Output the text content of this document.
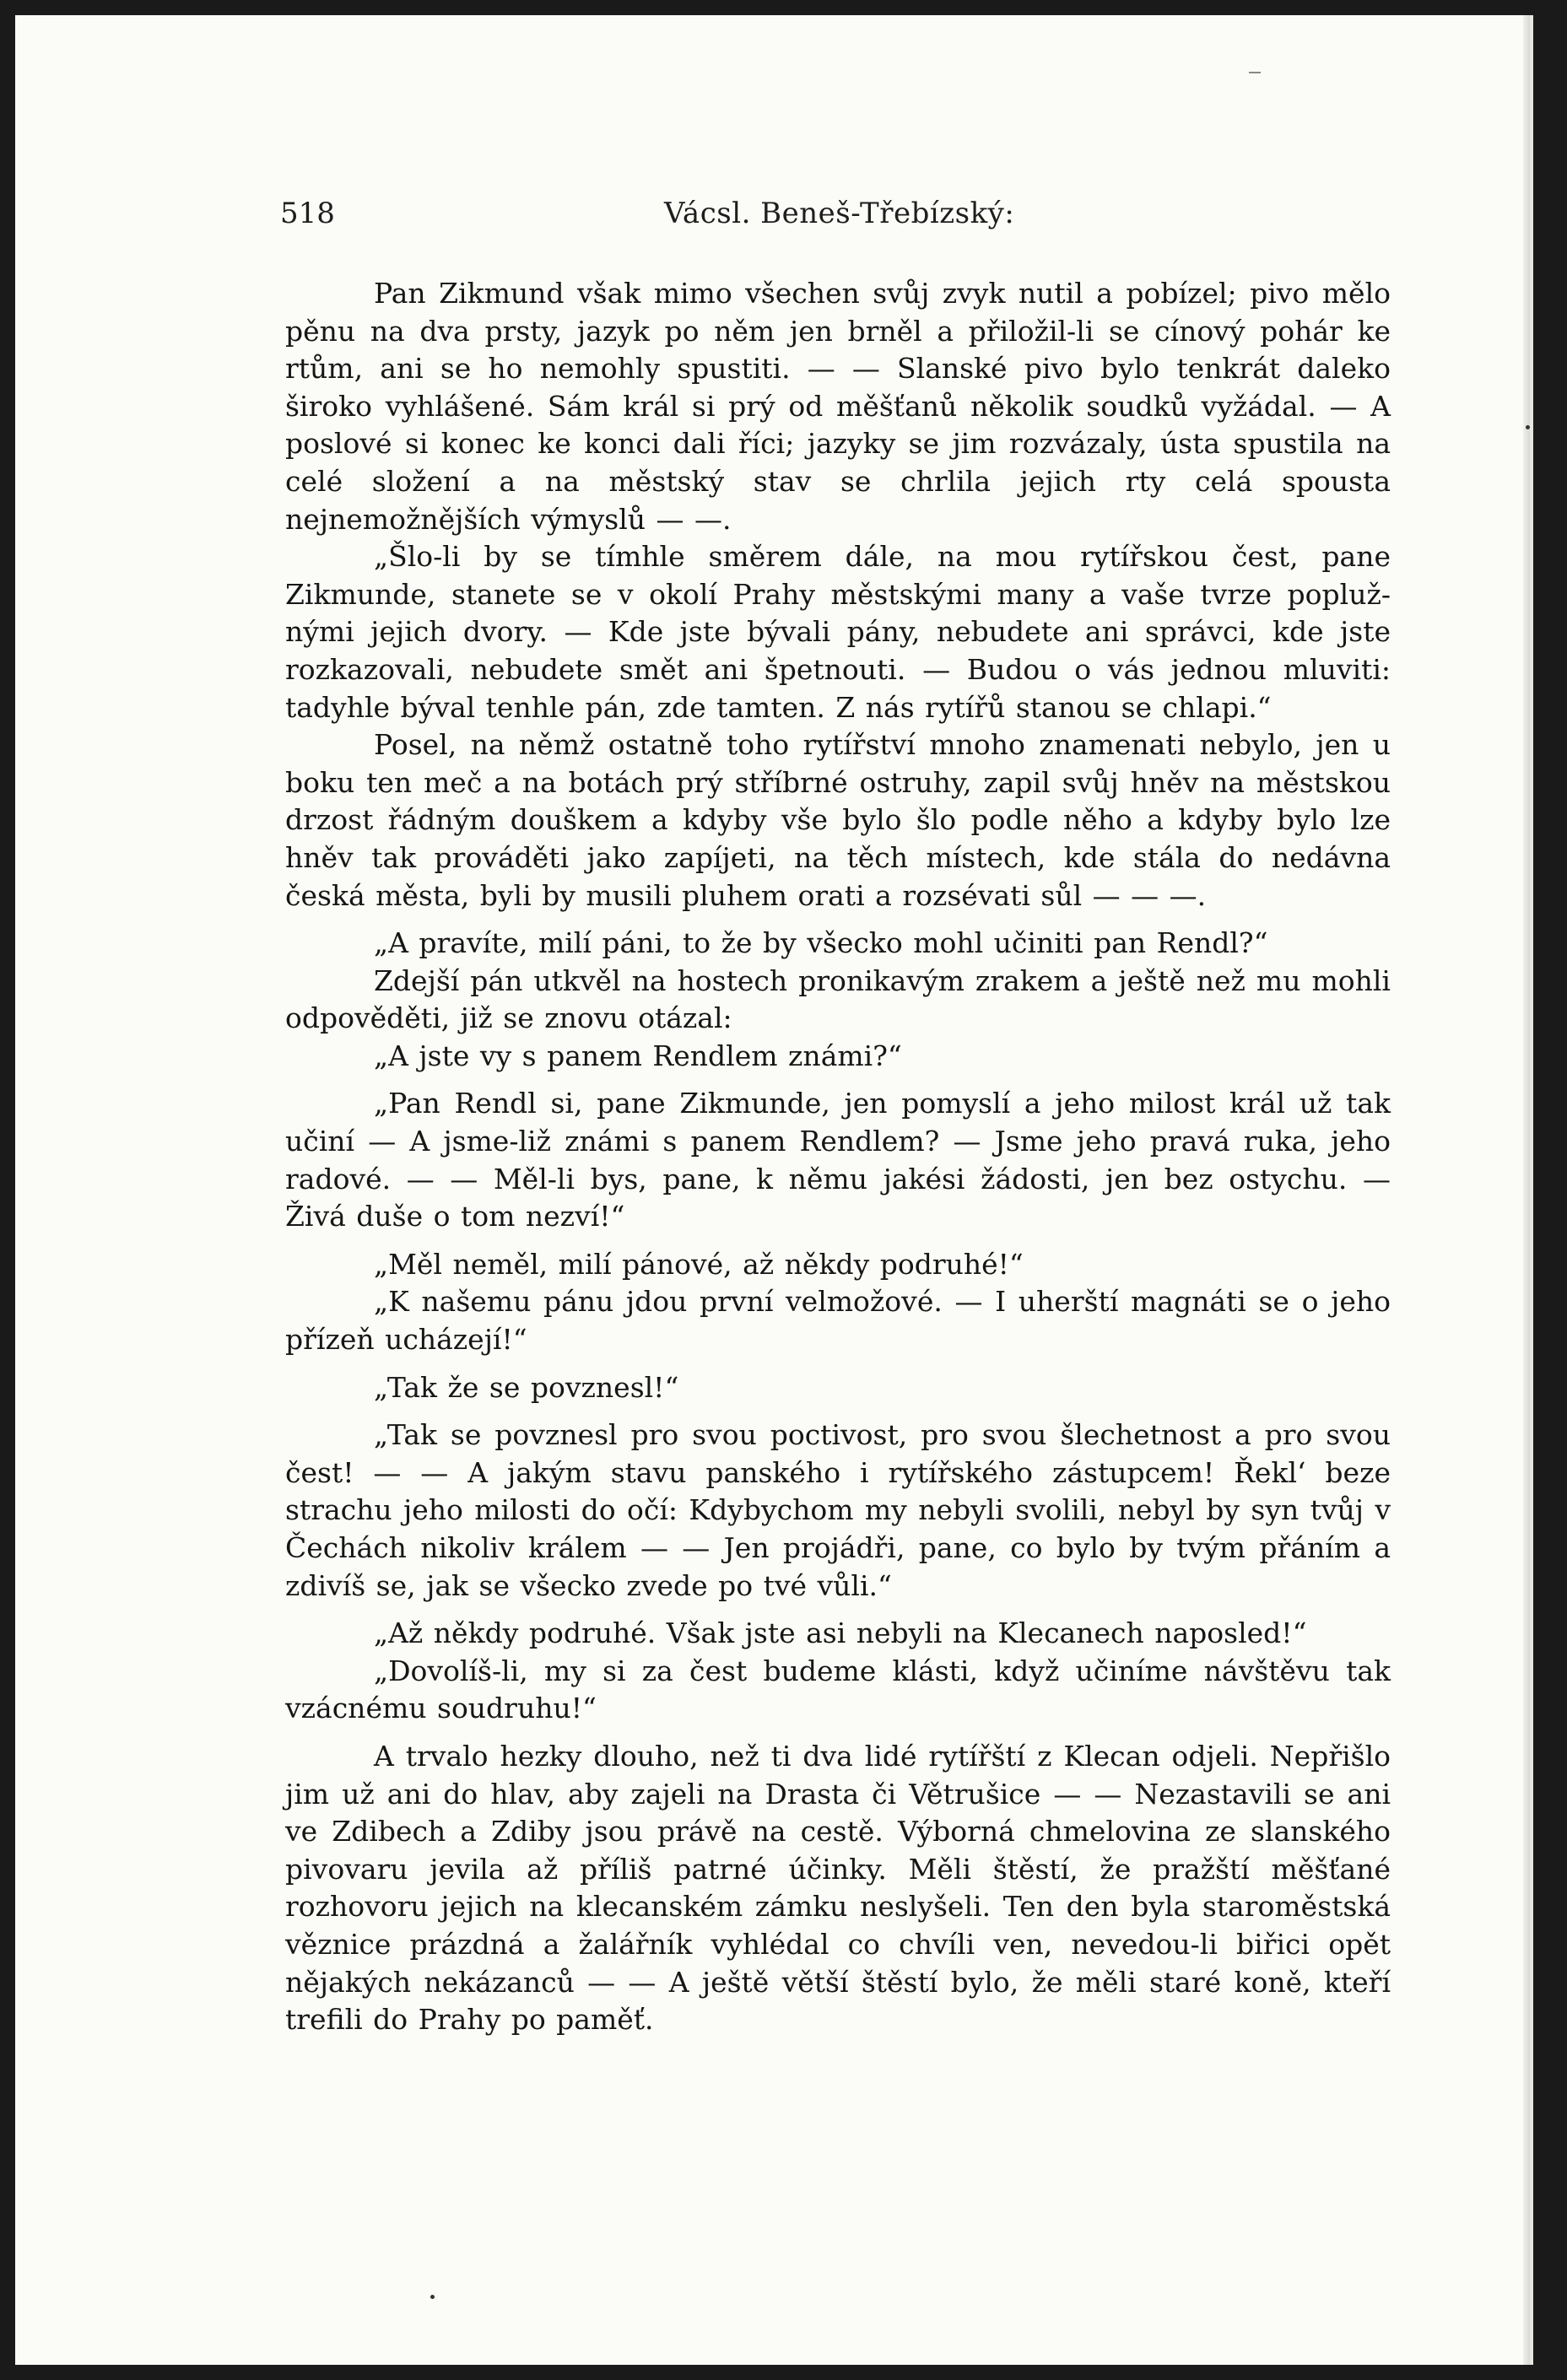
518	Vácsl. Beneš-Třebízský:

Pan Zikmund však mimo všechen svůj zvyk nutil a pobízel; pivo mělo pěnu na dva prsty, jazyk po něm jen brněl a přiložil-li se cínový pohár ke rtům, ani se ho nemohly spustiti. — — Slanské pivo bylo tenkrát daleko široko vyhlášené. Sám král si prý od měšťanů několik soudků vyžádal. — A poslové si konec ke konci dali říci; jazyky se jim rozvázaly, ústa spustila na celé složení a na městský stav se chrlila jejich rty celá spousta nejnemožnějších výmyslů — —.

„Šlo-li by se tímhle směrem dále, na mou rytířskou čest, pane Zikmunde, stanete se v okolí Prahy městskými many a vaše tvrze poplužnými jejich dvory. — Kde jste bývali pány, nebudete ani správci, kde jste rozkazovali, nebudete smět ani špetnouti. — Budou o vás jednou mluviti: tadyhle býval tenhle pán, zde tamten. Z nás rytířů stanou se chlapi.“

Posel, na němž ostatně toho rytířství mnoho znamenati nebylo, jen u boku ten meč a na botách prý stříbrné ostruhy, zapil svůj hněv na městskou drzost řádným douškem a kdyby vše bylo šlo podle něho a kdyby bylo lze hněv tak prováděti jako zapíjeti, na těch místech, kde stála do nedávna česká města, byli by musili pluhem orati a rozsévati sůl — — —.

„A pravíte, milí páni, to že by všecko mohl učiniti pan Rendl?“

Zdejší pán utkvěl na hostech pronikavým zrakem a ještě než mu mohli odpověděti, již se znovu otázal:

„A jste vy s panem Rendlem známi?“

„Pan Rendl si, pane Zikmunde, jen pomyslí a jeho milost král už tak učiní — A jsme-liž známi s panem Rendlem? — Jsme jeho pravá ruka, jeho radové. — — Měl-li bys, pane, k němu jakési žádosti, jen bez ostychu. — Živá duše o tom nezví!“

„Měl neměl, milí pánové, až někdy podruhé!“

„K našemu pánu jdou první velmožové. — I uherští magnáti se o jeho přízeň ucházejí!“

„Tak že se povznesl!“

„Tak se povznesl pro svou poctivost, pro svou šlechetnost a pro svou čest! — — A jakým stavu panského i rytířského zástupcem! Řekl‘ beze strachu jeho milosti do očí: Kdybychom my nebyli svolili, nebyl by syn tvůj v Čechách nikoliv králem — — Jen projádři, pane, co bylo by tvým přáním a zdivíš se, jak se všecko zvede po tvé vůli.“

„Až někdy podruhé. Však jste asi nebyli na Klecanech naposled!“

„Dovolíš-li, my si za čest budeme klásti, když učiníme návštěvu tak vzácnému soudruhu!“

A trvalo hezky dlouho, než ti dva lidé rytířští z Klecan odjeli. Nepřišlo jim už ani do hlav, aby zajeli na Drasta či Větrušice — — Nezastavili se ani ve Zdibech a Zdiby jsou právě na cestě. Výborná chmelovina ze slanského pivovaru jevila až příliš patrné účinky. Měli štěstí, že pražští měšťané rozhovoru jejich na klecanském zámku neslyšeli. Ten den byla staroměstská věznice prázdná a žalářník vyhlédal co chvíli ven, nevedou-li biřici opět nějakých nekázanců — — A ještě větší štěstí bylo, že měli staré koně, kteří trefili do Prahy po paměť.
